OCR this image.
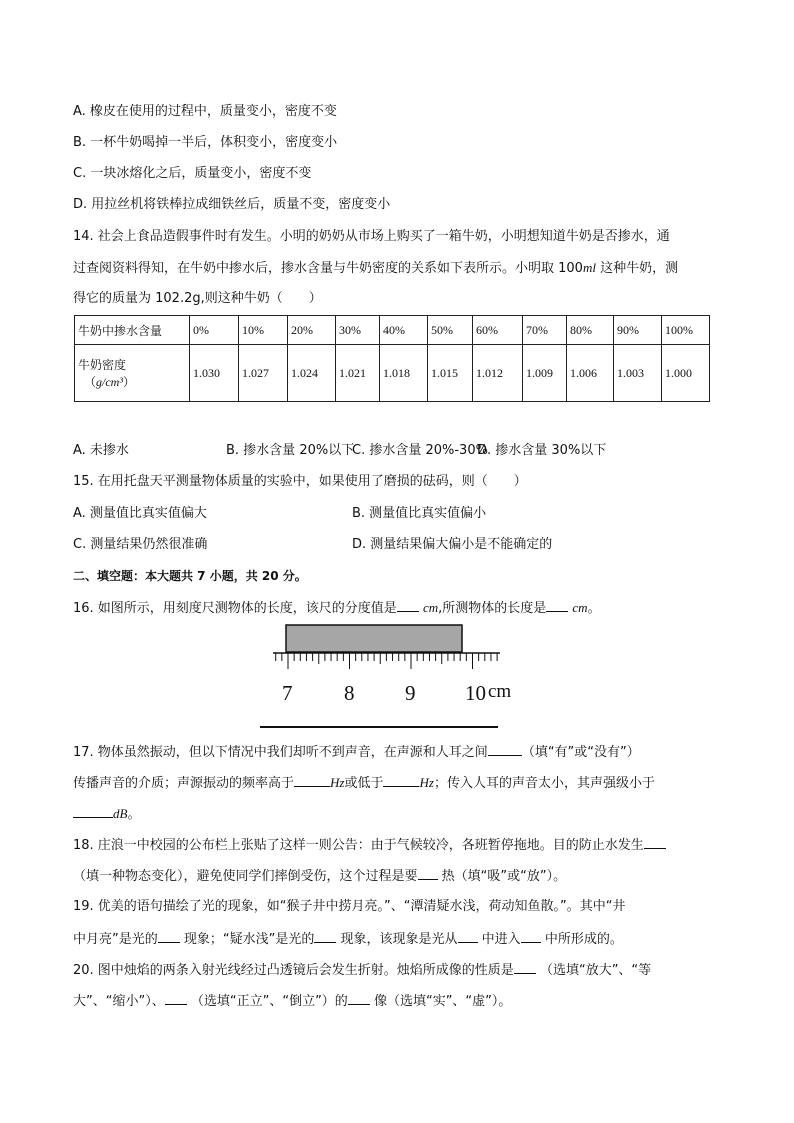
A. 橡皮在使用的过程中，质量变小，密度不变
B. 一杯牛奶喝掉一半后，体积变小，密度变小
C. 一块冰熔化之后，质量变小，密度不变
D. 用拉丝机将铁棒拉成细铁丝后，质量不变，密度变小
14. 社会上食品造假事件时有发生。小明的奶奶从市场上购买了一箱牛奶，小明想知道牛奶是否掺水，通
过查阅资料得知，在牛奶中掺水后，掺水含量与牛奶密度的关系如下表所示。小明取 100ml 这种牛奶，测
得它的质量为 102.2g,则这种牛奶（　　）
牛奶中掺水含量	0%	10%	20%	30%	40%	50%	60%	70%	80%	90%	100%

牛奶密度
（g/cm³）	1.030	1.027	1.024	1.021	1.018	1.015	1.012	1.009	1.006	1.003	1.000
A. 未掺水	B. 掺水含量 20%以下
C. 掺水含量 20%-30%
D. 掺水含量 30%以下
15. 在用托盘天平测量物体质量的实验中，如果使用了磨损的砝码，则（　　）
A. 测量值比真实值偏大	B. 测量值比真实值偏小
C. 测量结果仍然很准确	D. 测量结果偏大偏小是不能确定的
二、填空题：本大题共 7 小题，共 20 分。
16. 如图所示，用刻度尺测物体的长度，该尺的分度值是 cm,所测物体的长度是 cm。
7 8 9 10 cm
17. 物体虽然振动，但以下情况中我们却听不到声音，在声源和人耳之间	（填“有”或“没有”）
传播声音的介质；声源振动的频率高于	Hz或低于	Hz；传入人耳的声音太小，其声强级小于
dB。
18. 庄浪一中校园的公布栏上张贴了这样一则公告：由于气候较冷，各班暂停拖地。目的防止水发生
（填一种物态变化），避免使同学们摔倒受伤，这个过程是要 热（填“吸”或“放”）。
19. 优美的语句描绘了光的现象，如“猴子井中捞月亮。”、“潭清疑水浅，荷动知鱼散。”。其中“井
中月亮”是光的 现象；“疑水浅”是光的 现象，该现象是光从 中进入 中所形成的。
20. 图中烛焰的两条入射光线经过凸透镜后会发生折射。烛焰所成像的性质是 （选填“放大”、“等
大”、“缩小”）、 （选填“正立”、“倒立”）的 像（选填“实”、“虚”）。
